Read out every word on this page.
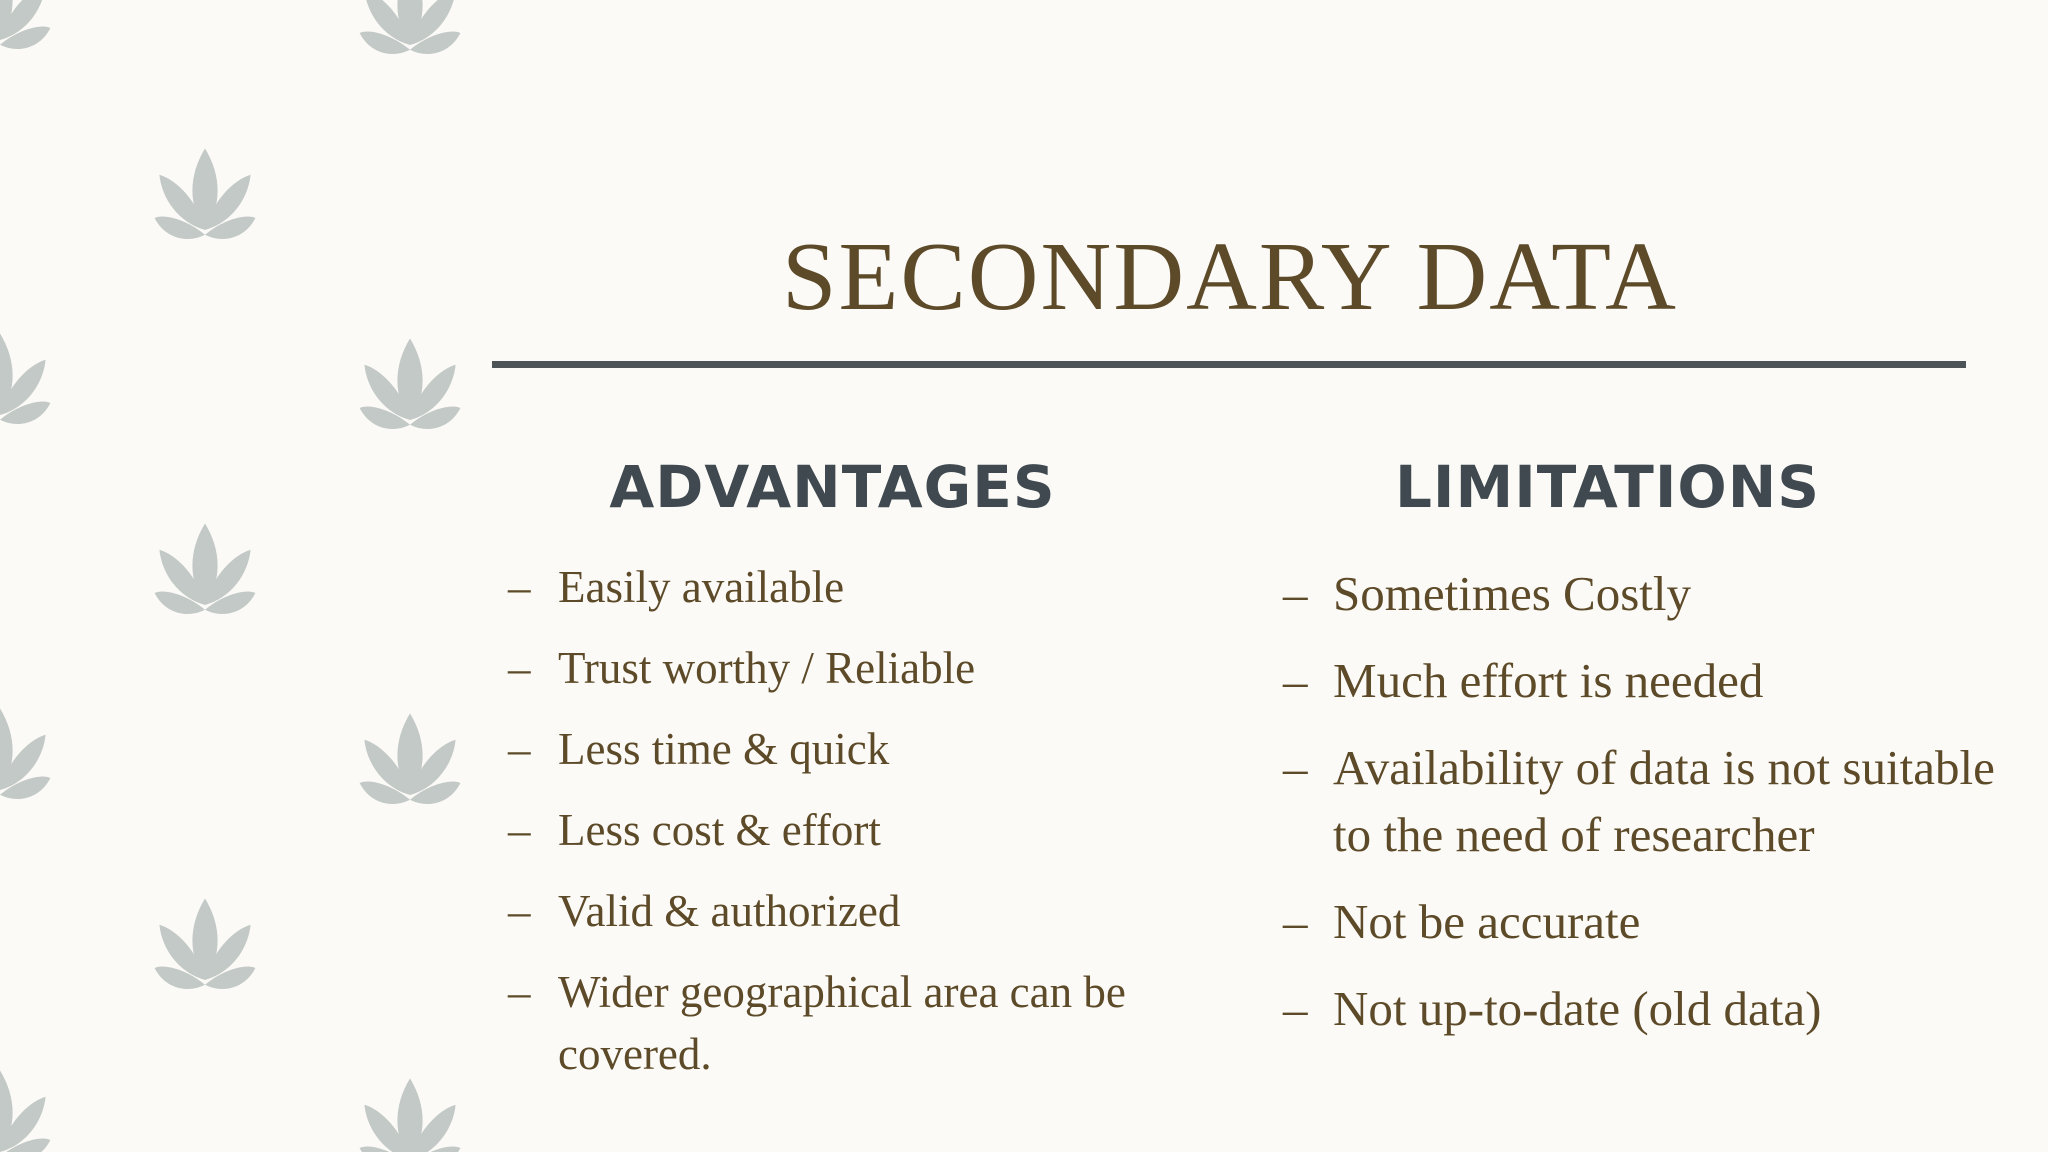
SECONDARY DATA
ADVANTAGES	LIMITATIONS
– Easily available
– Trust worthy / Reliable
– Less time & quick
– Less cost & effort
– Valid & authorized
– Wider geographical area can be covered.
– Sometimes Costly
– Much effort is needed
– Availability of data is not suitable to the need of researcher
– Not be accurate
– Not up-to-date (old data)
